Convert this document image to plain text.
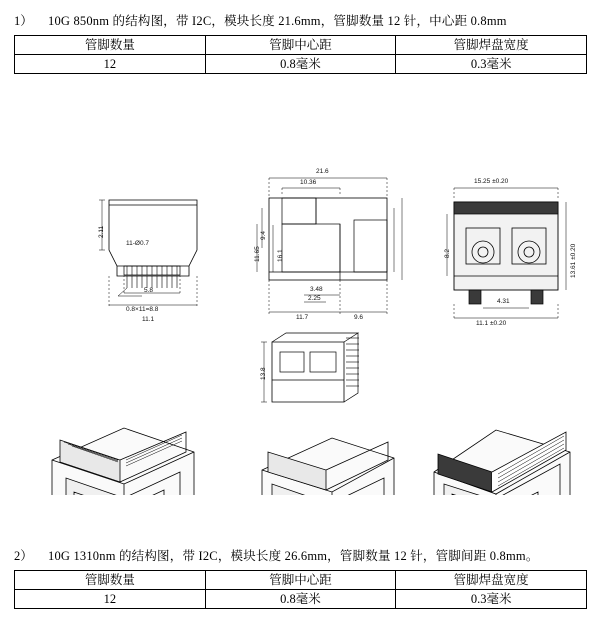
1）	10G 850nm 的结构图，带 I2C，模块长度 21.6mm，管脚数量 12 针，中心距 0.8mm
管脚数量	管脚中心距	管脚焊盘宽度
12	0.8毫米	0.3毫米
21.6
10.36
9.4
16.1
11.65
3.48
2.25
11.7	9.6
2.11
11-Ø0.7
5.8
0.8×11=8.8
11.1
15.25 ±0.20
8.2	13.61 ±0.20
4.31
11.1 ±0.20
13.8
2）	10G 1310nm 的结构图，带 I2C，模块长度 26.6mm，管脚数量 12 针，管脚间距 0.8mm。
管脚数量	管脚中心距	管脚焊盘宽度
12	0.8毫米	0.3毫米
